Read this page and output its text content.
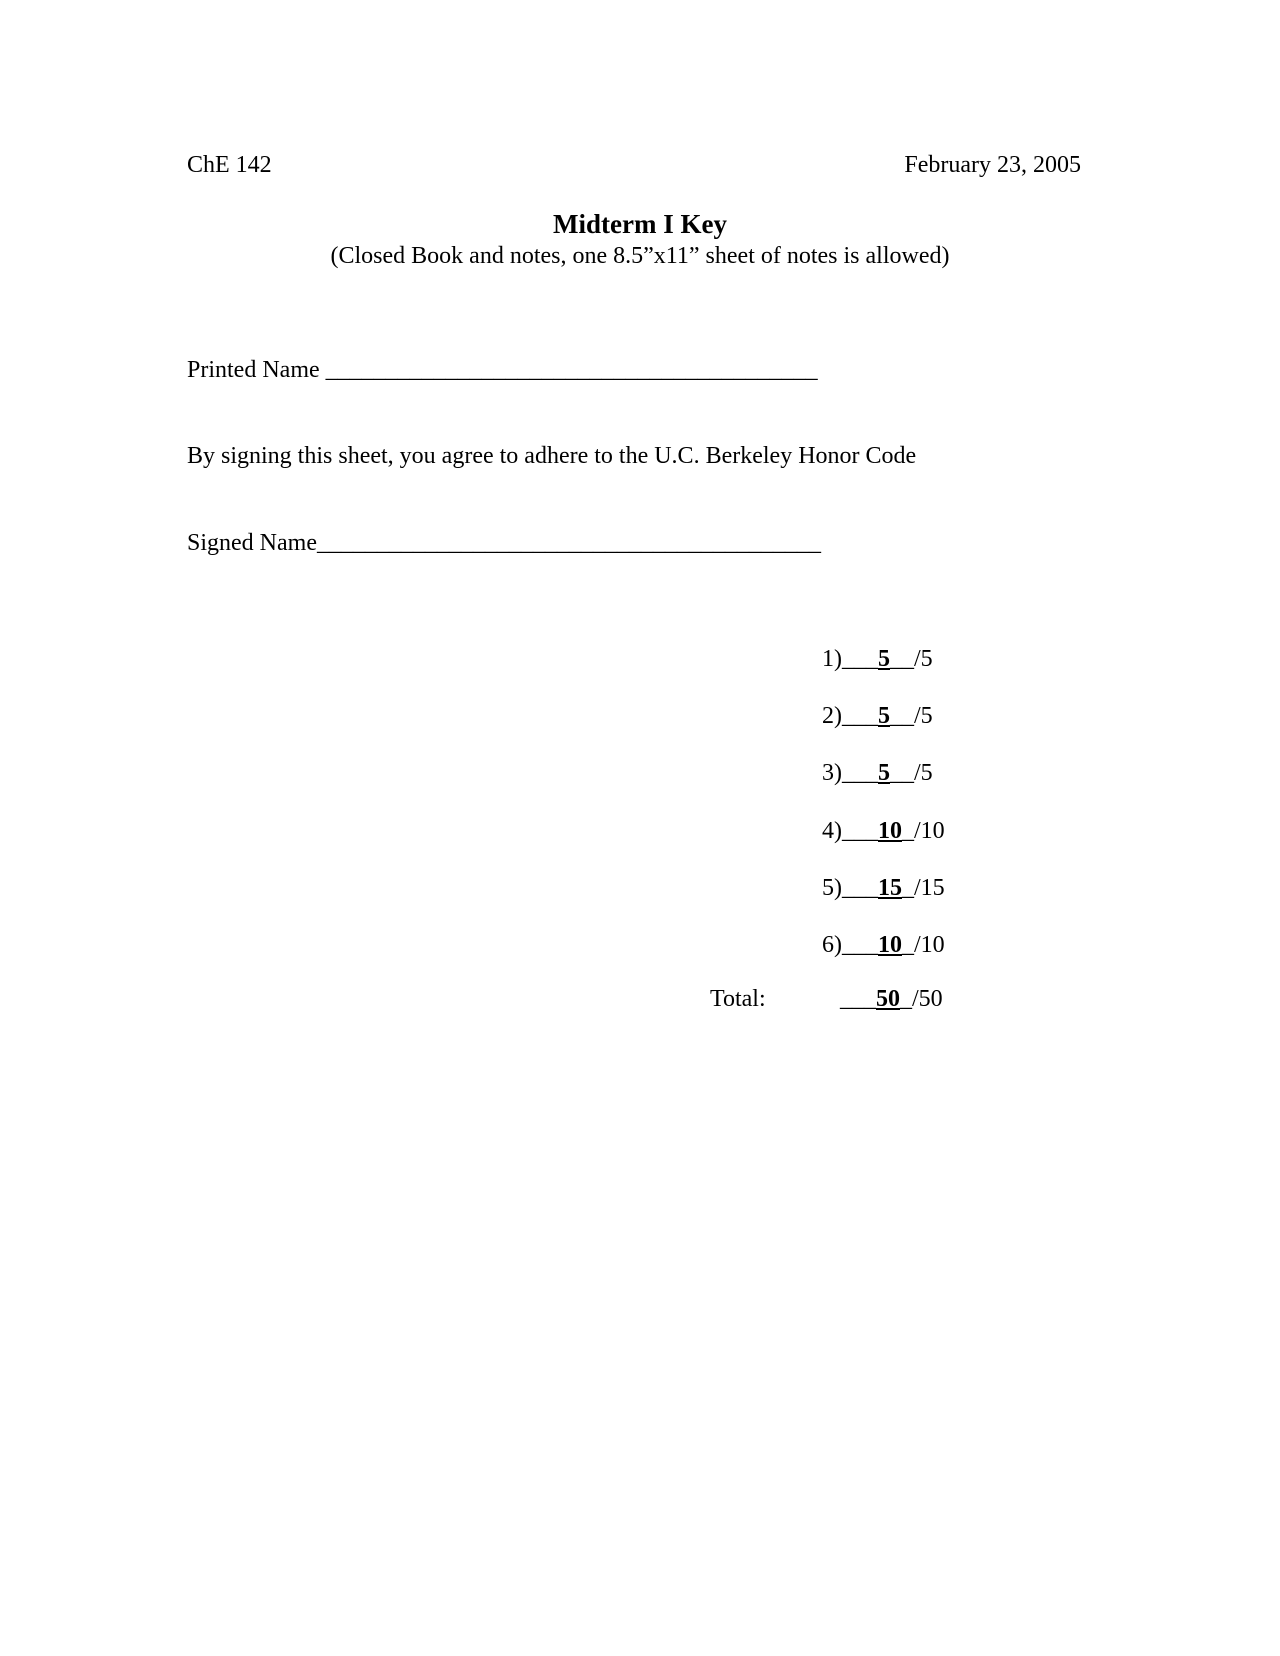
ChE 142	February 23, 2005
Midterm I Key
(Closed Book and notes, one 8.5”x11” sheet of notes is allowed)
Printed Name _________________________________________
By signing this sheet, you agree to adhere to the U.C. Berkeley Honor Code
Signed Name__________________________________________
1)___5__/5
2)___5__/5
3)___5__/5
4)___10_/10
5)___15_/15
6)___10_/10
Total:	___50_/50
